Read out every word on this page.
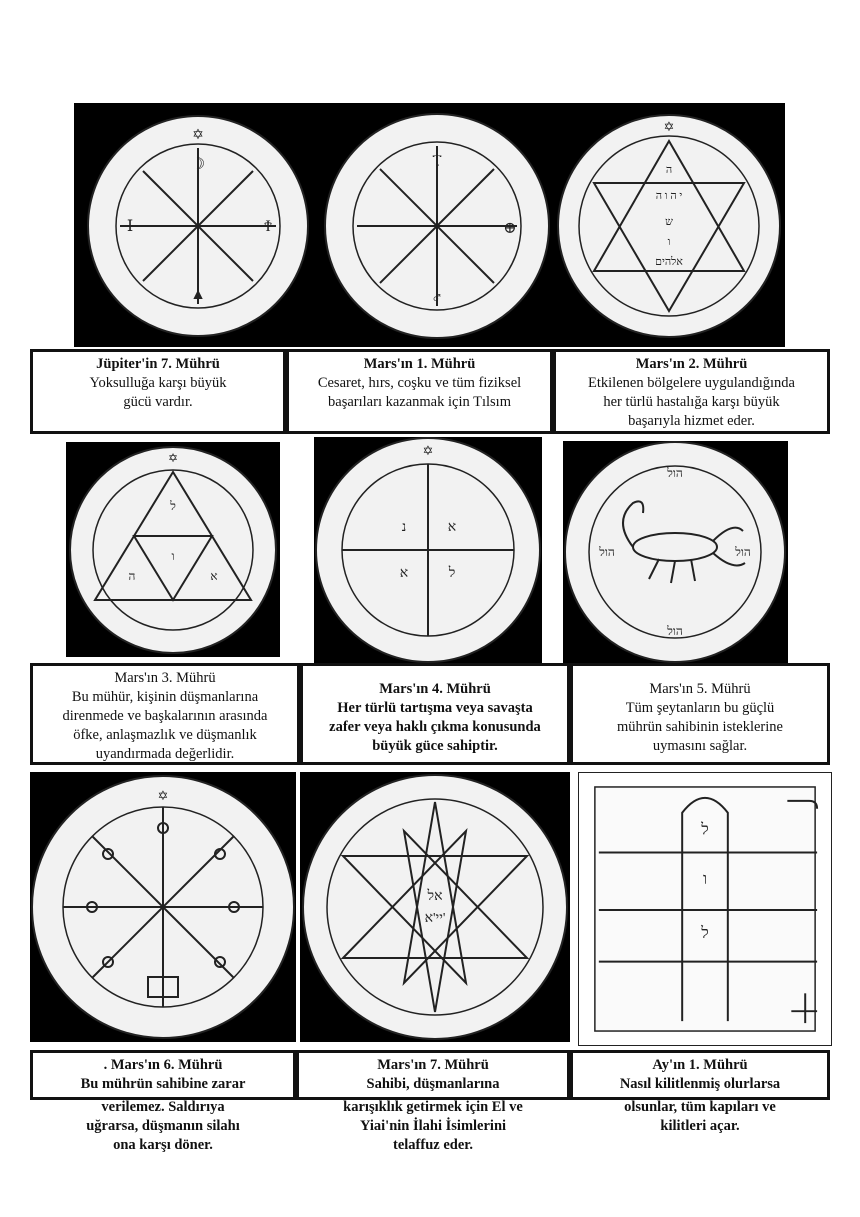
✡
☽
▲
Ⅰ	Ϯ
Ⲧ
⊕
♂
ה
י ה ו ה
ש
ו
אלהים
✡
Jüpiter'in 7. Mührü
Yoksulluğa karşı büyük
gücü vardır.
Mars'ın 1. Mührü
Cesaret, hırs, coşku ve tüm fiziksel
başarıları kazanmak için Tılsım
Mars'ın 2. Mührü
Etkilenen bölgelere uygulandığında
her türlü hastalığa karşı büyük
başarıyla hizmet eder.
ל
ו
ה	א
✡
נ	א
א	ל
✡
הול
הול
הול	הול
Mars'ın 3. Mührü
Bu mühür, kişinin düşmanlarına
direnmede ve başkalarının arasında
öfke, anlaşmazlık ve düşmanlık
uyandırmada değerlidir.
Mars'ın 4. Mührü
Her türlü tartışma veya savaşta
zafer veya haklı çıkma konusunda
büyük güce sahiptir.
Mars'ın 5. Mührü
Tüm şeytanların bu güçlü
mührün sahibinin isteklerine
uymasını sağlar.
✡
אל
יי'א'
ל
ו
ל
. Mars'ın 6. Mührü
Bu mührün sahibine zarar
verilemez. Saldırıya
uğrarsa, düşmanın silahı
ona karşı döner.
Mars'ın 7. Mührü
Sahibi, düşmanlarına
karışıklık getirmek için El ve
Yiai'nin İlahi İsimlerini
telaffuz eder.
Ay'ın 1. Mührü
Nasıl kilitlenmiş olurlarsa
olsunlar, tüm kapıları ve
kilitleri açar.
